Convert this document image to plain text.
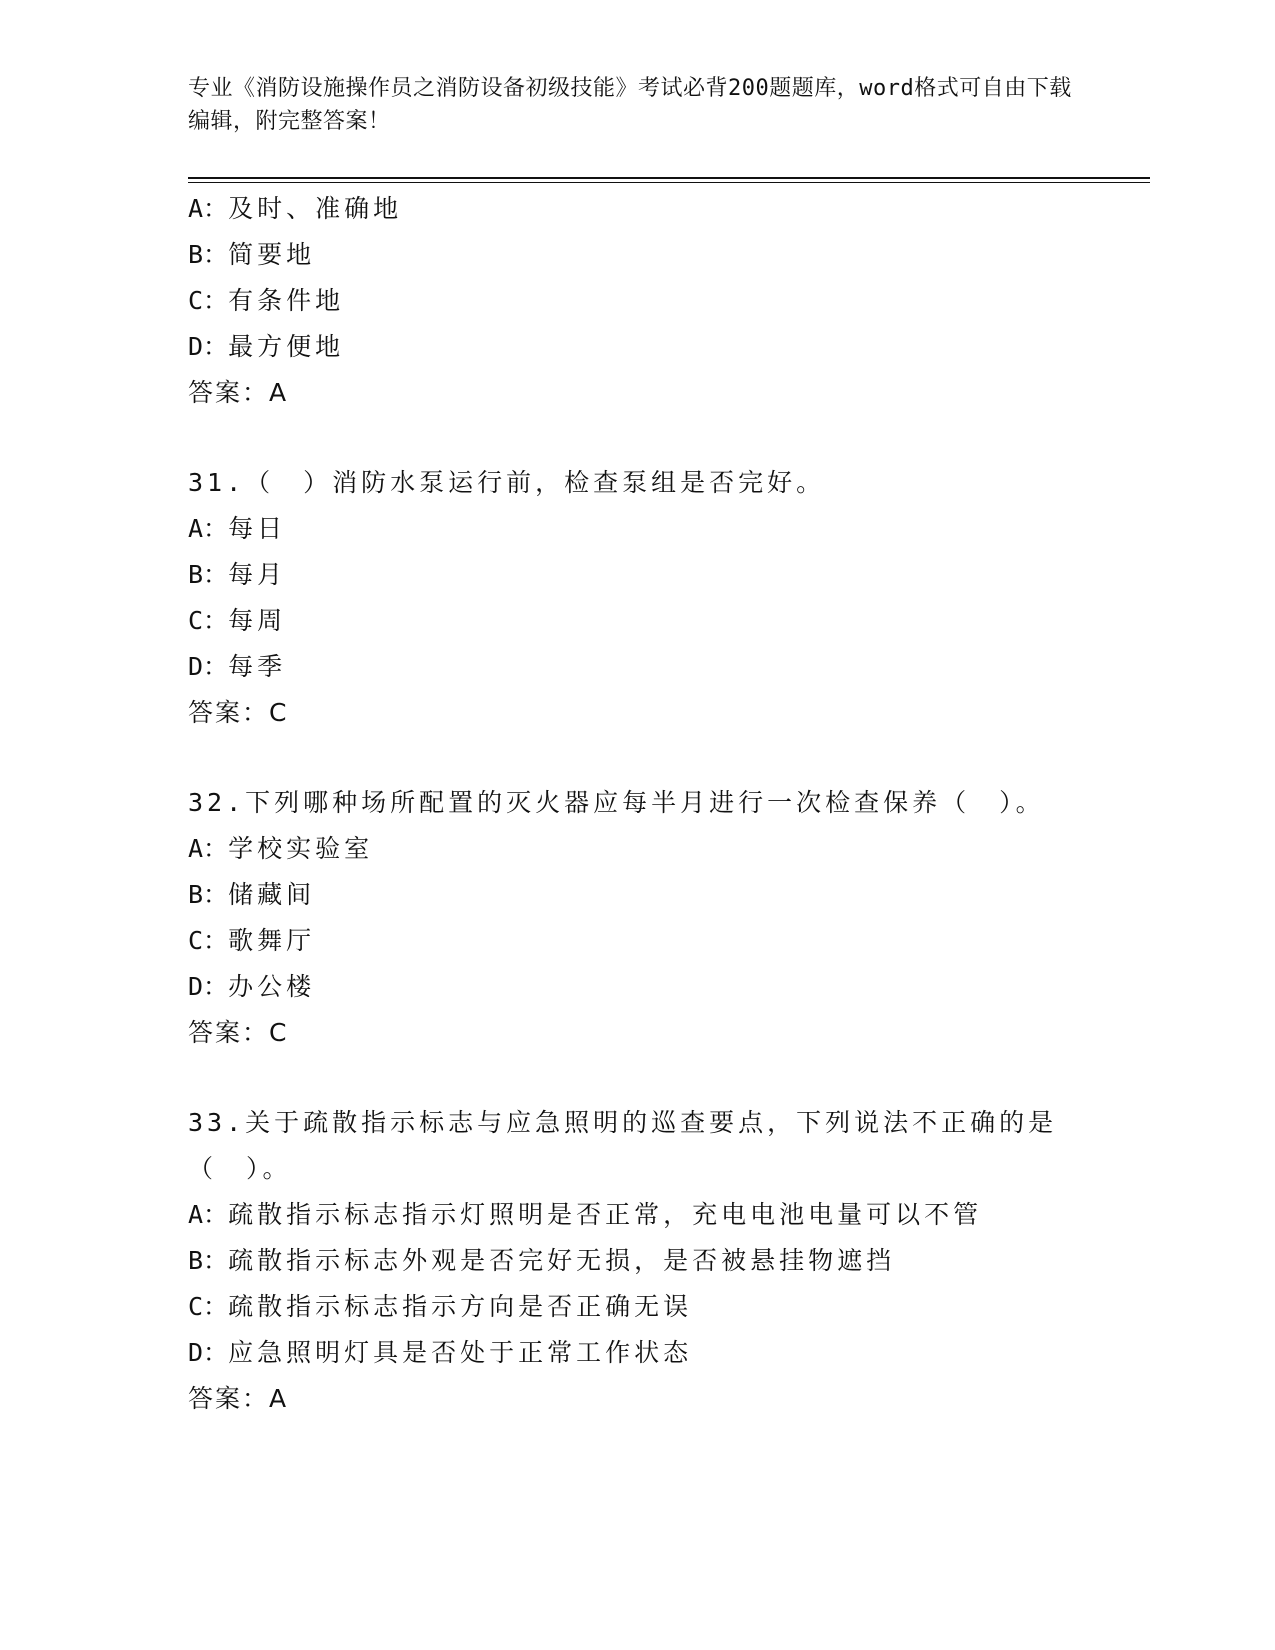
专业《消防设施操作员之消防设备初级技能》考试必背200题题库，word格式可自由下载编辑，附完整答案！
A：及时、准确地
B：简要地
C：有条件地
D：最方便地
答案：A
31.（　）消防水泵运行前，检查泵组是否完好。
A：每日
B：每月
C：每周
D：每季
答案：C
32.下列哪种场所配置的灭火器应每半月进行一次检查保养（　）。
A：学校实验室
B：储藏间
C：歌舞厅
D：办公楼
答案：C
33.关于疏散指示标志与应急照明的巡查要点，下列说法不正确的是（　）。
A：疏散指示标志指示灯照明是否正常，充电电池电量可以不管
B：疏散指示标志外观是否完好无损，是否被悬挂物遮挡
C：疏散指示标志指示方向是否正确无误
D：应急照明灯具是否处于正常工作状态
答案：A
